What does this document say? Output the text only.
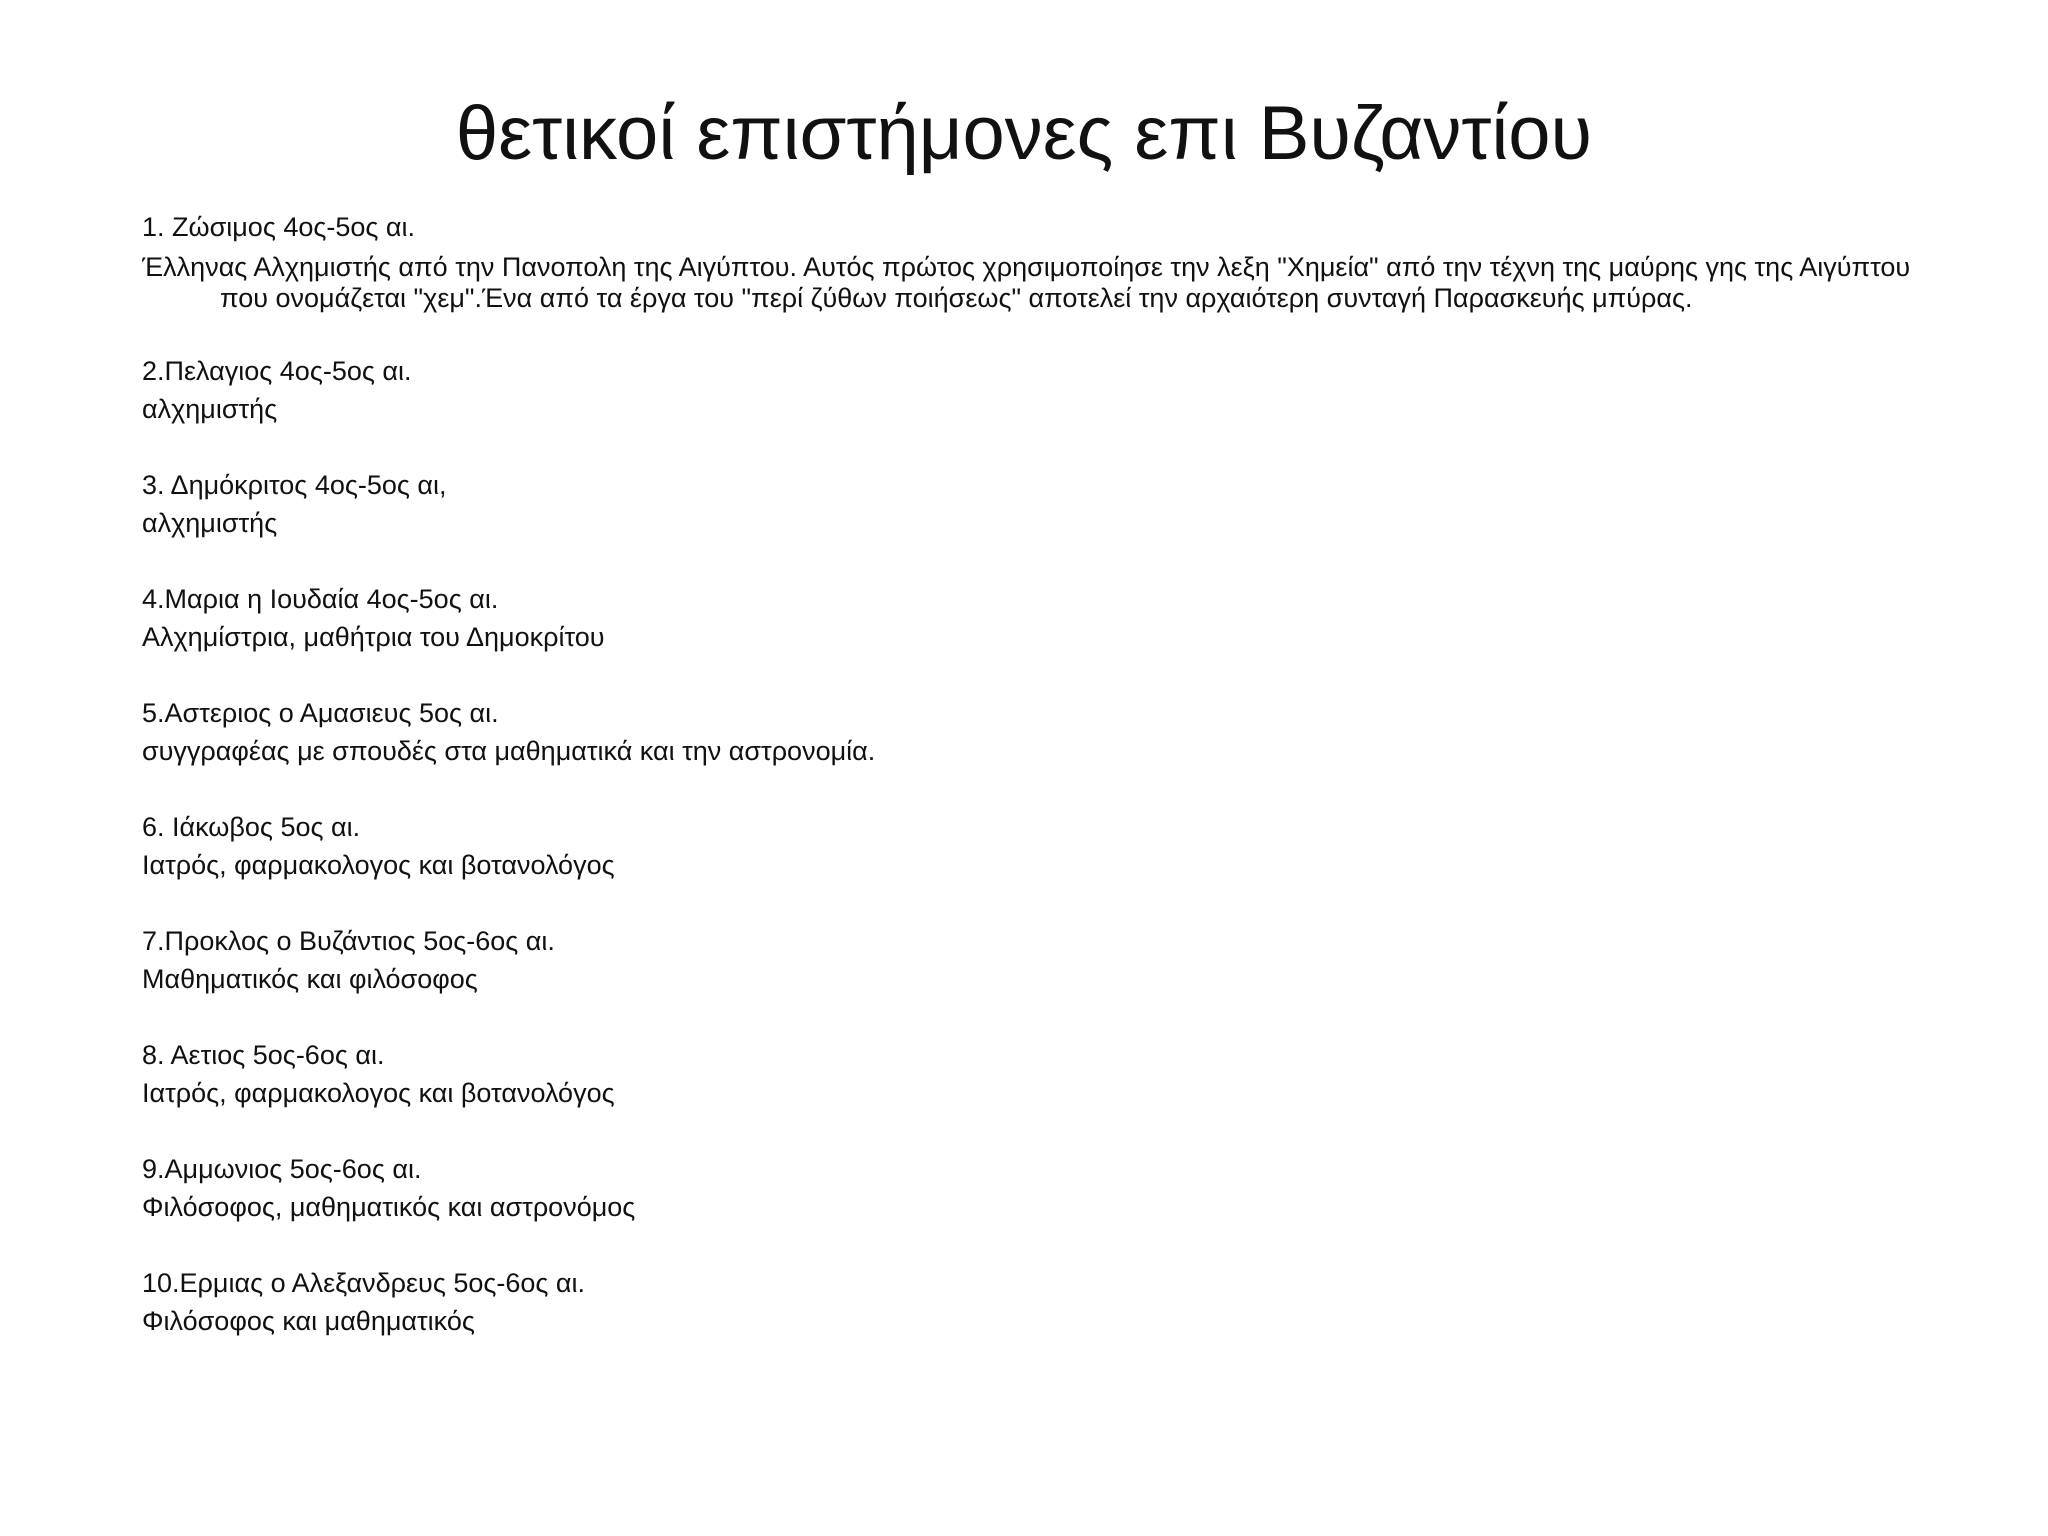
θετικοί επιστήμονες επι Βυζαντίου

1. Ζώσιμος 4ος-5ος αι.

Έλληνας Αλχημιστής από την Πανοπολη της Αιγύπτου. Αυτός πρώτος χρησιμοποίησε την λεξη "Χημεία" από την τέχνη της μαύρης γης της Αιγύπτου που ονομάζεται "χεμ".Ένα από τα έργα του "περί ζύθων ποιήσεως" αποτελεί την αρχαιότερη συνταγή Παρασκευής μπύρας.

2.Πελαγιος 4ος-5ος αι.

αλχημιστής

3. Δημόκριτος 4ος-5ος αι,

αλχημιστής

4.Μαρια η Ιουδαία 4ος-5ος αι.

Αλχημίστρια, μαθήτρια του Δημοκρίτου

5.Αστεριος ο Αμασιευς 5ος αι.

συγγραφέας με σπουδές στα μαθηματικά και την αστρονομία.

6. Ιάκωβος 5ος αι.

Ιατρός, φαρμακολογος και βοτανολόγος

7.Προκλος ο Βυζάντιος 5ος-6ος αι.

Μαθηματικός και φιλόσοφος

8. Αετιος 5ος-6ος αι.

Ιατρός, φαρμακολογος και βοτανολόγος

9.Αμμωνιος 5ος-6ος αι.

Φιλόσοφος, μαθηματικός και αστρονόμος

10.Ερμιας ο Αλεξανδρευς 5ος-6ος αι.

Φιλόσοφος και μαθηματικός
